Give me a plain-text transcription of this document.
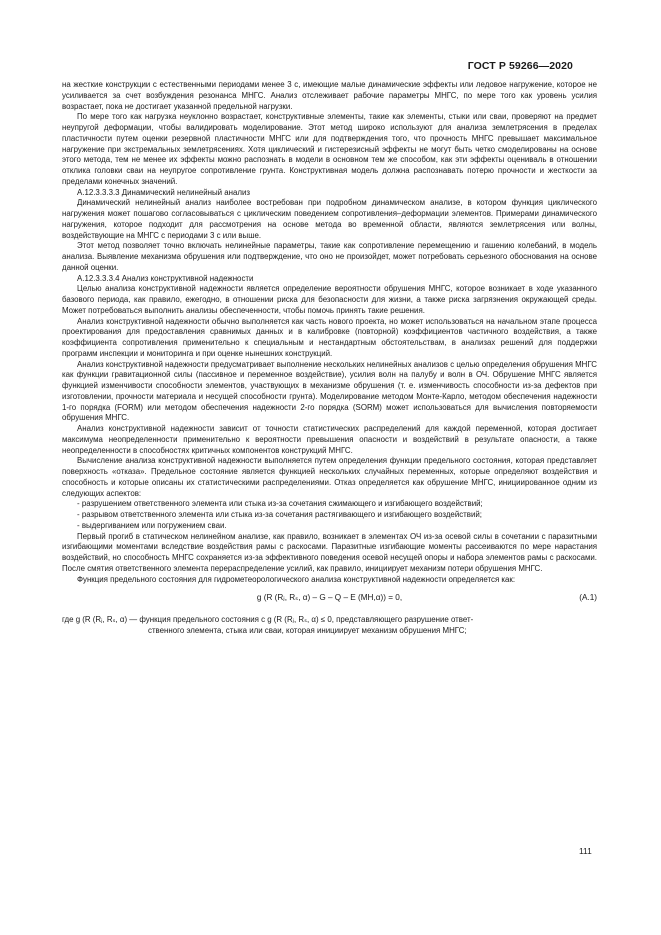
ГОСТ Р 59266—2020

на жесткие конструкции с естественными периодами менее 3 с, имеющие малые динамические эффекты или ледовое нагружение, которое не усиливается за счет возбуждения резонанса МНГС. Анализ отслеживает рабочие параметры МНГС, по мере того как уровень усилия возрастает, пока не достигает указанной предельной нагрузки.

По мере того как нагрузка неуклонно возрастает, конструктивные элементы, такие как элементы, стыки или сваи, проверяют на предмет неупругой деформации, чтобы валидировать моделирование. Этот метод широко используют для анализа землетрясения в пределах пластичности путем оценки резервной пластичности МНГС или для подтверждения того, что прочность МНГС превышает максимальное нагружение при экстремальных землетрясениях. Хотя циклический и гистерезисный эффекты не могут быть четко смоделированы на основе этого метода, тем не менее их эффекты можно распознать в модели в основном тем же способом, как эти эффекты оцениваль в отношении отклика головки сваи на неупругое сопротивление грунта. Конструктивная модель должна распознавать потерю прочности и жесткости за пределами конечных значений.

А.12.3.3.3.3 Динамический нелинейный анализ

Динамический нелинейный анализ наиболее востребован при подробном динамическом анализе, в котором функция циклического нагружения может пошагово согласовываться с циклическим поведением сопротивления–деформации элементов. Примерами динамического нагружения, которое подходит для рассмотрения на основе метода во временной области, являются землетрясения или волны, воздействующие на МНГС с периодами 3 с или выше.

Этот метод позволяет точно включать нелинейные параметры, такие как сопротивление перемещению и гашению колебаний, в модель анализа. Выявление механизма обрушения или подтверждение, что оно не произойдет, может потребовать серьезного обоснования на основе данной оценки.

А.12.3.3.3.4 Анализ конструктивной надежности

Целью анализа конструктивной надежности является определение вероятности обрушения МНГС, которое возникает в ходе указанного базового периода, как правило, ежегодно, в отношении риска для безопасности для жизни, а также риска загрязнения окружающей среды. Может потребоваться выполнить анализы обеспеченности, чтобы помочь принять такие решения.

Анализ конструктивной надежности обычно выполняется как часть нового проекта, но может использоваться на начальном этапе процесса проектирования для предоставления сравнимых данных и в калибровке (повторной) коэффициентов частичного воздействия, а также коэффициента сопротивления применительно к специальным и нестандартным обстоятельствам, в анализах решений для поддержки программ инспекции и мониторинга и при оценке нынешних конструкций.

Анализ конструктивной надежности предусматривает выполнение нескольких нелинейных анализов с целью определения обрушения МНГС как функции гравитационной силы (пассивное и переменное воздействие), усилия волн на палубу и волн в ОЧ. Обрушение МНГС является функцией изменчивости способности элементов, участвующих в механизме обрушения (т. е. изменчивость способности из-за дефектов при изготовлении, прочности материала и несущей способности грунта). Моделирование методом Монте-Карло, методом обеспечения надежности 1-го порядка (FORM) или методом обеспечения надежности 2-го порядка (SORM) может использоваться для вычисления повторяемости обрушения МНГС.

Анализ конструктивной надежности зависит от точности статистических распределений для каждой переменной, которая достигает максимума неопределенности применительно к вероятности превышения опасности и воздействий в результате опасности, а также неопределенности в способностях критичных компонентов конструкций МНГС.

Вычисление анализа конструктивной надежности выполняется путем определения функции предельного состояния, которая представляет поверхность «отказа». Предельное состояние является функцией нескольких случайных переменных, которые определяют воздействия и способность и которые описаны их статистическими распределениями. Отказ определяется как обрушение МНГС, инициированное одним из следующих аспектов:

- разрушением ответственного элемента или стыка из-за сочетания сжимающего и изгибающего воздействий;

- разрывом ответственного элемента или стыка из-за сочетания растягивающего и изгибающего воздействий;

- выдергиванием или погружением сваи.

Первый прогиб в статическом нелинейном анализе, как правило, возникает в элементах ОЧ из-за осевой силы в сочетании с паразитными изгибающими моментами вследствие воздействия рамы с раскосами. Паразитные изгибающие моменты рассеиваются по мере нарастания воздействий, но способность МНГС сохраняется из-за эффективного поведения осевой несущей опоры и набора элементов рамы с раскосами. После смятия ответственного элемента перераспределение усилий, как правило, инициирует механизм потери обрушения МНГС.

Функция предельного состояния для гидрометеорологического анализа конструктивной надежности определяется как:

g (R (Rⱼ, Rₛ, α) – G – Q – E (MH,α)) = 0,	(А.1)

где g (R (Rⱼ, Rₛ, α) — функция предельного состояния с g (R (Rⱼ, Rₛ, α) ≤ 0, представляющего разрушение ответ-

ственного элемента, стыка или сваи, которая инициирует механизм обрушения МНГС;

111
